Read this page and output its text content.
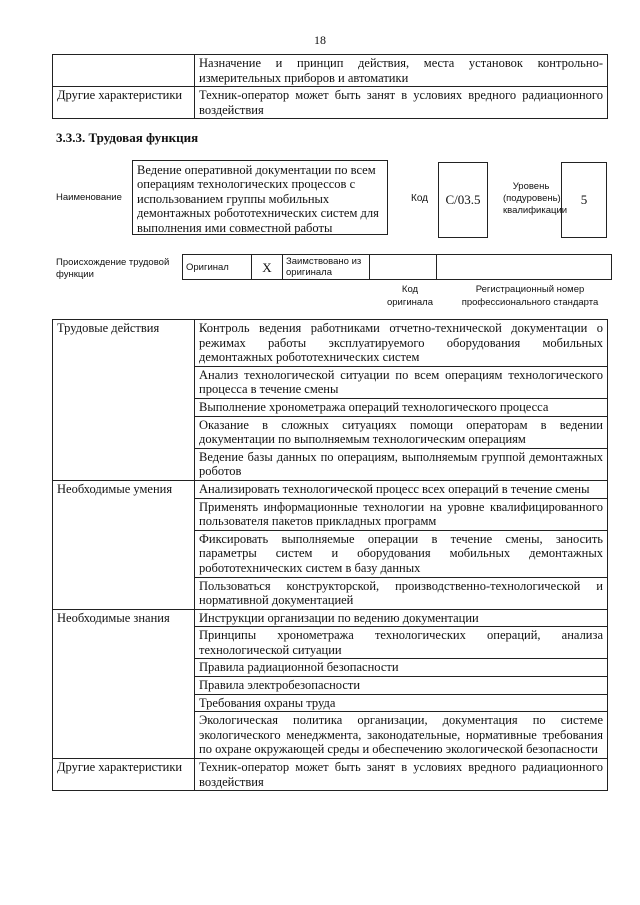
18
	Назначение и принцип действия, места установок контрольно-измерительных приборов и автоматики
Другие характеристики	Техник-оператор может быть занят в условиях вредного радиационного воздействия
3.3.3. Трудовая функция
Наименование
Ведение оперативной документации по всем операциям технологических процессов с использованием группы мобильных демонтажных робототехнических систем для выполнения ими совместной работы
Код	C/03.5
Уровень (подуровень) квалификации
5
Происхождение трудовой функции
Оригинал	X	Заимствовано из оригинала		
Код оригинала
Регистрационный номер профессионального стандарта
Трудовые действия	Контроль ведения работниками отчетно-технической документации о режимах работы эксплуатируемого оборудования мобильных демонтажных робототехнических систем
	Анализ технологической ситуации по всем операциям технологического процесса в течение смены
	Выполнение хронометража операций технологического процесса
	Оказание в сложных ситуациях помощи операторам в ведении документации по выполняемым технологическим операциям
	Ведение базы данных по операциям, выполняемым группой демонтажных роботов
Необходимые умения	Анализировать технологической процесс всех операций в течение смены
	Применять информационные технологии на уровне квалифицированного пользователя пакетов прикладных программ
	Фиксировать выполняемые операции в течение смены, заносить параметры систем и оборудования мобильных демонтажных робототехнических систем в базу данных
	Пользоваться конструкторской, производственно-технологической и нормативной документацией
Необходимые знания	Инструкции организации по ведению документации
	Принципы хронометража технологических операций, анализа технологической ситуации
	Правила радиационной безопасности
	Правила электробезопасности
	Требования охраны труда
	Экологическая политика организации, документация по системе экологического менеджмента, законодательные, нормативные требования по охране окружающей среды и обеспечению экологической безопасности
Другие характеристики	Техник-оператор может быть занят в условиях вредного радиационного воздействия
